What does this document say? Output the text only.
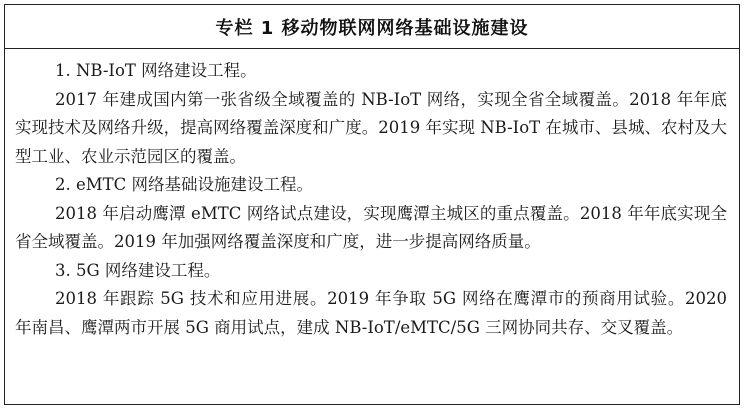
专栏 1 移动物联网网络基础设施建设

1. NB-IoT 网络建设工程。

2017 年建成国内第一张省级全域覆盖的 NB-IoT 网络，实现全省全域覆盖。2018 年年底实现技术及网络升级，提高网络覆盖深度和广度。2019 年实现 NB-IoT 在城市、县城、农村及大型工业、农业示范园区的覆盖。

2. eMTC 网络基础设施建设工程。

2018 年启动鹰潭 eMTC 网络试点建设，实现鹰潭主城区的重点覆盖。2018 年年底实现全省全域覆盖。2019 年加强网络覆盖深度和广度，进一步提高网络质量。

3. 5G 网络建设工程。

2018 年跟踪 5G 技术和应用进展。2019 年争取 5G 网络在鹰潭市的预商用试验。2020 年南昌、鹰潭两市开展 5G 商用试点，建成 NB-IoT/eMTC/5G 三网协同共存、交叉覆盖。
